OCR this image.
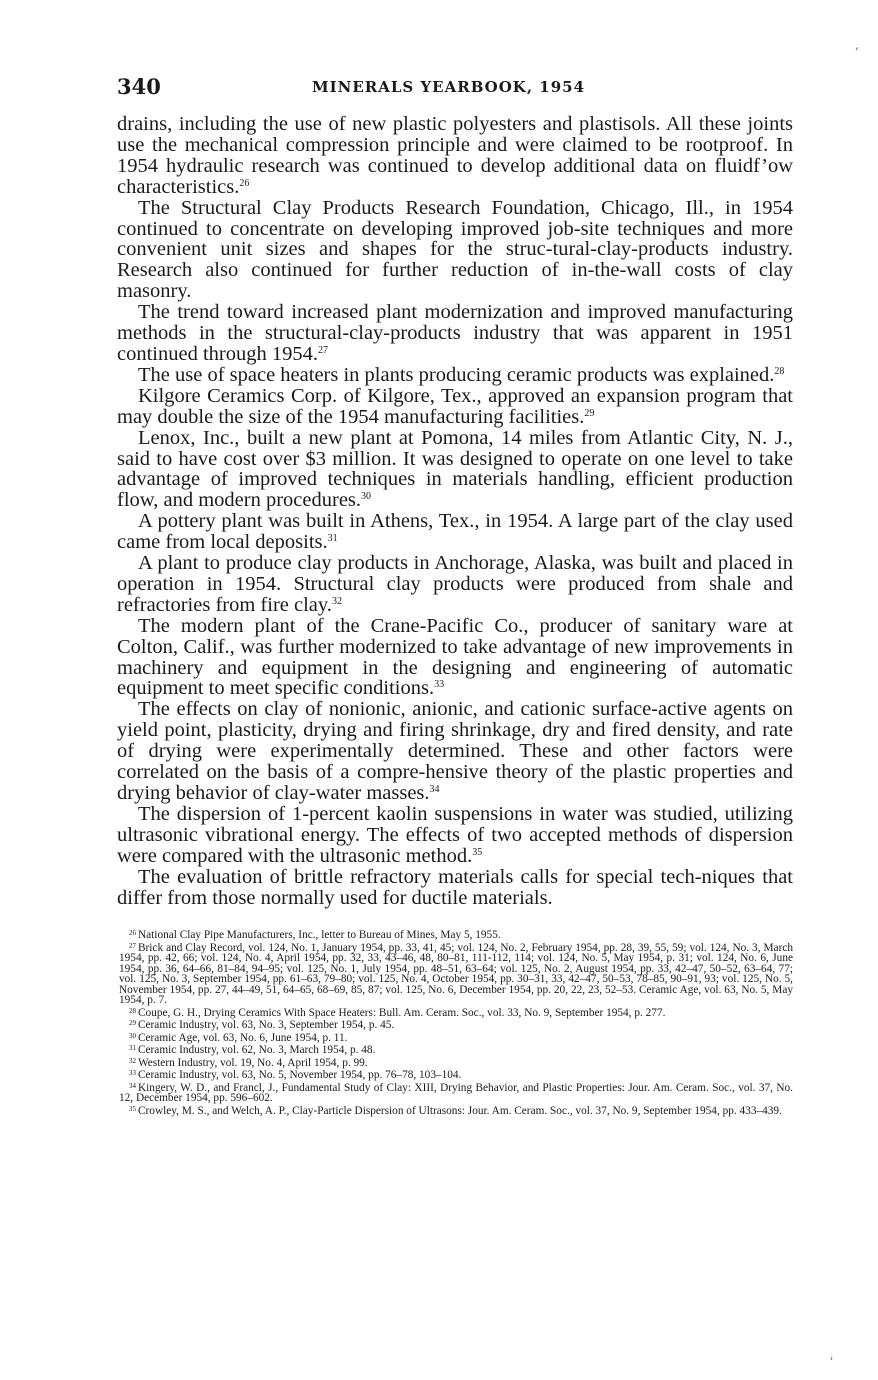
‚
ʿ
340	MINERALS YEARBOOK, 1954

drains, including the use of new plastic polyesters and plastisols. All these joints use the mechanical compression principle and were claimed to be rootproof. In 1954 hydraulic research was continued to develop additional data on fluidf’ow characteristics.$^{26}$

The Structural Clay Products Research Foundation, Chicago, Ill., in 1954 continued to concentrate on developing improved job-site techniques and more convenient unit sizes and shapes for the struc-tural-clay-products industry. Research also continued for further reduction of in-the-wall costs of clay masonry.

The trend toward increased plant modernization and improved manufacturing methods in the structural-clay-products industry that was apparent in 1951 continued through 1954.27

The use of space heaters in plants producing ceramic products was explained.$^{28}$

Kilgore Ceramics Corp. of Kilgore, Tex., approved an expansion program that may double the size of the 1954 manufacturing facilities.$^{29}$

Lenox, Inc., built a new plant at Pomona, 14 miles from Atlantic City, N. J., said to have cost over $3 million. It was designed to operate on one level to take advantage of improved techniques in materials handling, efficient production flow, and modern procedures.$^{30}$

A pottery plant was built in Athens, Tex., in 1954. A large part of the clay used came from local deposits.$^{31}$

A plant to produce clay products in Anchorage, Alaska, was built and placed in operation in 1954. Structural clay products were produced from shale and refractories from fire clay.$^{32}$

The modern plant of the Crane-Pacific Co., producer of sanitary ware at Colton, Calif., was further modernized to take advantage of new improvements in machinery and equipment in the designing and engineering of automatic equipment to meet specific conditions.$^{33}$

The effects on clay of nonionic, anionic, and cationic surface-active agents on yield point, plasticity, drying and firing shrinkage, dry and fired density, and rate of drying were experimentally determined. These and other factors were correlated on the basis of a compre-hensive theory of the plastic properties and drying behavior of clay-water masses.$^{34}$

The dispersion of 1-percent kaolin suspensions in water was studied, utilizing ultrasonic vibrational energy. The effects of two accepted methods of dispersion were compared with the ultrasonic method.$^{35}$

The evaluation of brittle refractory materials calls for special tech-niques that differ from those normally used for ductile materials.

$^{26}$ National Clay Pipe Manufacturers, Inc., letter to Bureau of Mines, May 5, 1955.

$^{27}$ Brick and Clay Record, vol. 124, No. 1, January 1954, pp. 33, 41, 45; vol. 124, No. 2, February 1954, pp. 28, 39, 55, 59; vol. 124, No. 3, March 1954, pp. 42, 66; vol. 124, No. 4, April 1954, pp. 32, 33, 43–46, 48, 80–81, 111-112, 114; vol. 124, No. 5, May 1954, p. 31; vol. 124, No. 6, June 1954, pp. 36, 64–66, 81–84, 94–95; vol. 125, No. 1, July 1954, pp. 48–51, 63–64; vol. 125, No. 2, August 1954, pp. 33, 42–47, 50–52, 63–64, 77; vol. 125, No. 3, September 1954, pp. 61–63, 79–80; vol. 125, No. 4, October 1954, pp. 30–31, 33, 42–47, 50–53, 78–85, 90–91, 93; vol. 125, No. 5, November 1954, pp. 27, 44–49, 51, 64–65, 68–69, 85, 87; vol. 125, No. 6, December 1954, pp. 20, 22, 23, 52–53. Ceramic Age, vol. 63, No. 5, May 1954, p. 7.

$^{28}$ Coupe, G. H., Drying Ceramics With Space Heaters: Bull. Am. Ceram. Soc., vol. 33, No. 9, September 1954, p. 277.

$^{29}$ Ceramic Industry, vol. 63, No. 3, September 1954, p. 45.

$^{30}$ Ceramic Age, vol. 63, No. 6, June 1954, p. 11.

$^{31}$ Ceramic Industry, vol. 62, No. 3, March 1954, p. 48.

$^{32}$ Western Industry, vol. 19, No. 4, April 1954, p. 99.

$^{33}$ Ceramic Industry, vol. 63, No. 5, November 1954, pp. 76–78, 103–104.

$^{34}$ Kingery, W. D., and Francl, J., Fundamental Study of Clay: XIII, Drying Behavior, and Plastic Properties: Jour. Am. Ceram. Soc., vol. 37, No. 12, December 1954, pp. 596–602.

$^{35}$ Crowley, M. S., and Welch, A. P., Clay-Particle Dispersion of Ultrasons: Jour. Am. Ceram. Soc., vol. 37, No. 9, September 1954, pp. 433–439.
